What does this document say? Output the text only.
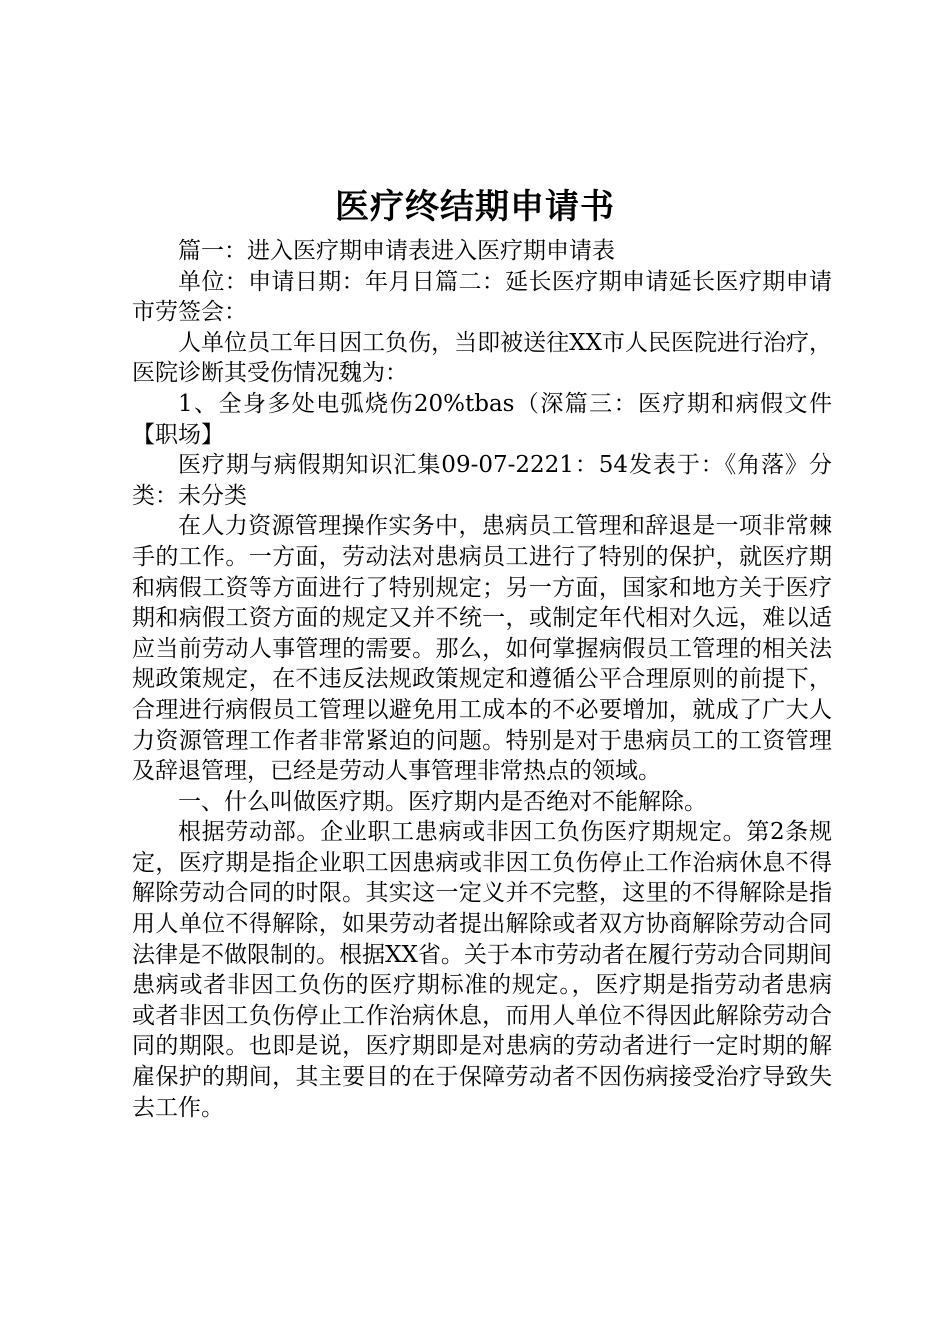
医疗终结期申请书

篇一：进入医疗期申请表进入医疗期申请表

单位：申请日期：年月日篇二：延长医疗期申请延长医疗期申请市劳签会：

人单位员工年日因工负伤，当即被送往XX市人民医院进行治疗，医院诊断其受伤情况魏为：

1、全身多处电弧烧伤20%tbas（深篇三：医疗期和病假文件【职场】

医疗期与病假期知识汇集09-07-2221：54发表于：《角落》分类：未分类

在人力资源管理操作实务中，患病员工管理和辞退是一项非常棘手的工作。一方面，劳动法对患病员工进行了特别的保护，就医疗期和病假工资等方面进行了特别规定；另一方面，国家和地方关于医疗期和病假工资方面的规定又并不统一，或制定年代相对久远，难以适应当前劳动人事管理的需要。那么，如何掌握病假员工管理的相关法规政策规定，在不违反法规政策规定和遵循公平合理原则的前提下，合理进行病假员工管理以避免用工成本的不必要增加，就成了广大人力资源管理工作者非常紧迫的问题。特别是对于患病员工的工资管理及辞退管理，已经是劳动人事管理非常热点的领域。

一、什么叫做医疗期。医疗期内是否绝对不能解除。

根据劳动部。企业职工患病或非因工负伤医疗期规定。第2条规定，医疗期是指企业职工因患病或非因工负伤停止工作治病休息不得解除劳动合同的时限。其实这一定义并不完整，这里的不得解除是指用人单位不得解除，如果劳动者提出解除或者双方协商解除劳动合同法律是不做限制的。根据XX省。关于本市劳动者在履行劳动合同期间患病或者非因工负伤的医疗期标准的规定。，医疗期是指劳动者患病或者非因工负伤停止工作治病休息，而用人单位不得因此解除劳动合同的期限。也即是说，医疗期即是对患病的劳动者进行一定时期的解雇保护的期间，其主要目的在于保障劳动者不因伤病接受治疗导致失去工作。
